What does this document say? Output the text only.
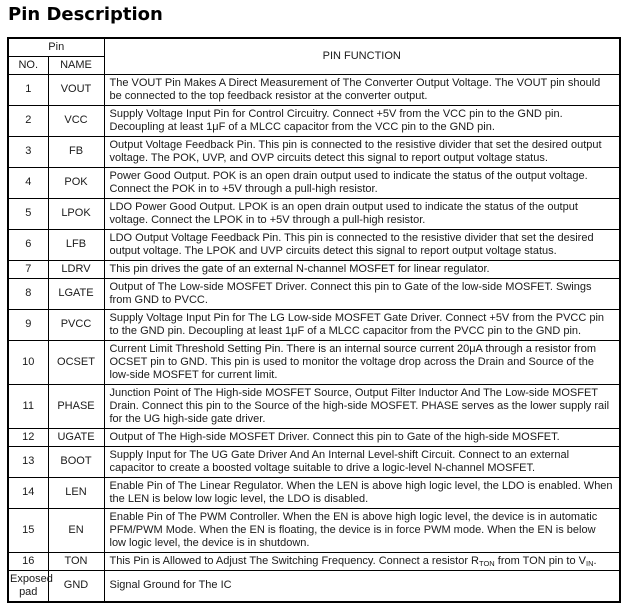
Pin Description
Pin		PIN FUNCTION
NO.	NAME	
1	VOUT	The VOUT Pin Makes A Direct Measurement of The Converter Output Voltage. The VOUT pin should be connected to the top feedback resistor at the converter output.
2	VCC	Supply Voltage Input Pin for Control Circuitry. Connect +5V from the VCC pin to the GND pin. Decoupling at least 1μF of a MLCC capacitor from the VCC pin to the GND pin.
3	FB	Output Voltage Feedback Pin. This pin is connected to the resistive divider that set the desired output voltage. The POK, UVP, and OVP circuits detect this signal to report output voltage status.
4	POK	Power Good Output. POK is an open drain output used to indicate the status of the output voltage. Connect the POK in to +5V through a pull-high resistor.
5	LPOK	LDO Power Good Output. LPOK is an open drain output used to indicate the status of the output voltage. Connect the LPOK in to +5V through a pull-high resistor.
6	LFB	LDO Output Voltage Feedback Pin. This pin is connected to the resistive divider that set the desired output voltage. The LPOK and UVP circuits detect this signal to report output voltage status.
7	LDRV	This pin drives the gate of an external N-channel MOSFET for linear regulator.
8	LGATE	Output of The Low-side MOSFET Driver. Connect this pin to Gate of the low-side MOSFET. Swings from GND to PVCC.
9	PVCC	Supply Voltage Input Pin for The LG Low-side MOSFET Gate Driver. Connect +5V from the PVCC pin to the GND pin. Decoupling at least 1μF of a MLCC capacitor from the PVCC pin to the GND pin.
10	OCSET	Current Limit Threshold Setting Pin. There is an internal source current 20μA through a resistor from OCSET pin to GND. This pin is used to monitor the voltage drop across the Drain and Source of the low-side MOSFET for current limit.
11	PHASE	Junction Point of The High-side MOSFET Source, Output Filter Inductor And The Low-side MOSFET Drain. Connect this pin to the Source of the high-side MOSFET. PHASE serves as the lower supply rail for the UG high-side gate driver.
12	UGATE	Output of The High-side MOSFET Driver. Connect this pin to Gate of the high-side MOSFET.
13	BOOT	Supply Input for The UG Gate Driver And An Internal Level-shift Circuit. Connect to an external capacitor to create a boosted voltage suitable to drive a logic-level N-channel MOSFET.
14	LEN	Enable Pin of The Linear Regulator. When the LEN is above high logic level, the LDO is enabled. When the LEN is below low logic level, the LDO is disabled.
15	EN	Enable Pin of The PWM Controller. When the EN is above high logic level, the device is in automatic PFM/PWM Mode. When the EN is floating, the device is in force PWM mode. When the EN is below low logic level, the device is in shutdown.
16	TON	This Pin is Allowed to Adjust The Switching Frequency. Connect a resistor $R_{TON}$ from TON pin to $V_{IN}$.
Exposed pad	GND	Signal Ground for The IC
